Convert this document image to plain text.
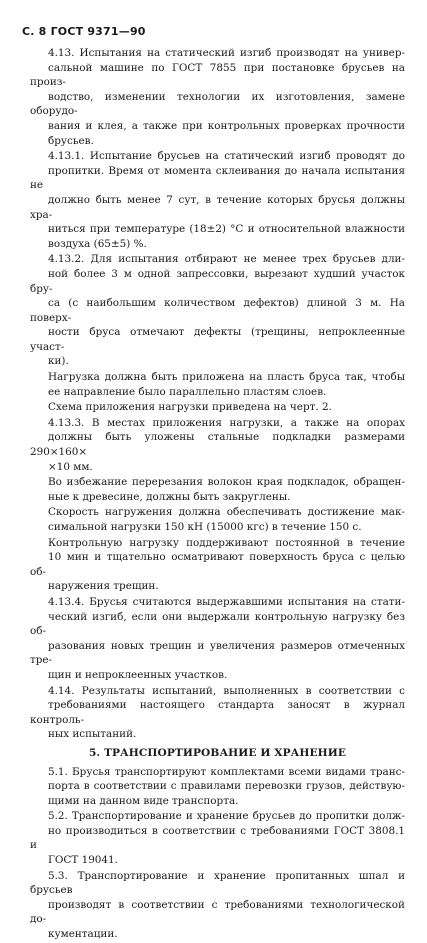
С. 8 ГОСТ 9371—90
4.13. Испытания на статический изгиб производят на универ-
сальной машине по ГОСТ 7855 при постановке брусьев на произ-
водство, изменении технологии их изготовления, замене оборудо-
вания и клея, а также при контрольных проверках прочности
брусьев.
4.13.1. Испытание брусьев на статический изгиб проводят до
пропитки. Время от момента склеивания до начала испытания не
должно быть менее 7 сут, в течение которых брусья должны хра-
ниться при температуре (18±2) °С и относительной влажности
воздуха (65±5) %.
4.13.2. Для испытания отбирают не менее трех брусьев дли-
ной более 3 м одной запрессовки, вырезают худший участок бру-
са (с наибольшим количеством дефектов) длиной 3 м. На поверх-
ности бруса отмечают дефекты (трещины, непроклеенные участ-
ки).
Нагрузка должна быть приложена на пласть бруса так, чтобы
ее направление было параллельно пластям слоев.
Схема приложения нагрузки приведена на черт. 2.
4.13.3. В местах приложения нагрузки, а также на опорах
должны быть уложены стальные подкладки размерами 290×160×
×10 мм.
Во избежание перерезания волокон края подкладок, обращен-
ные к древесине, должны быть закруглены.
Скорость нагружения должна обеспечивать достижение мак-
симальной нагрузки 150 кН (15000 кгс) в течение 150 с.
Контрольную нагрузку поддерживают постоянной в течение
10 мин и тщательно осматривают поверхность бруса с целью об-
наружения трещин.
4.13.4. Брусья считаются выдержавшими испытания на стати-
ческий изгиб, если они выдержали контрольную нагрузку без об-
разования новых трещин и увеличения размеров отмеченных тре-
щин и непроклеенных участков.
4.14. Результаты испытаний, выполненных в соответствии с
требованиями настоящего стандарта заносят в журнал контроль-
ных испытаний.
5. ТРАНСПОРТИРОВАНИЕ И ХРАНЕНИЕ
5.1. Брусья транспортируют комплектами всеми видами транс-
порта в соответствии с правилами перевозки грузов, действую-
щими на данном виде транспорта.
5.2. Транспортирование и хранение брусьев до пропитки долж-
но производиться в соответствии с требованиями ГОСТ 3808.1 и
ГОСТ 19041.
5.3. Транспортирование и хранение пропитанных шпал и брусьев
производят в соответствии с требованиями технологической до-
кументации.
